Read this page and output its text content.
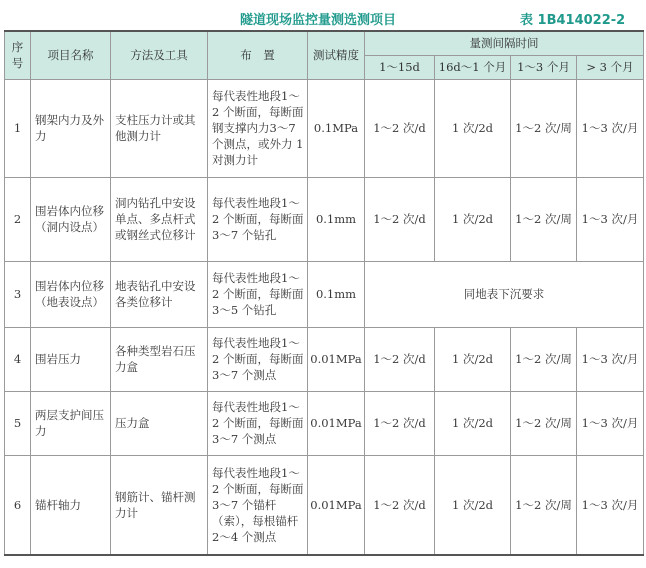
隧道现场监控量测选测项目	表 1B414022-2
序号	项目名称	方法及工具	布　置	测试精度	量测间隔时间			
					1～15d	16d～1 个月	1～3 个月	> 3 个月
1	钢架内力及外力	支柱压力计或其他测力计	每代表性地段1～2 个断面，每断面钢支撑内力3～7 个测点，或外力 1 对测力计	0.1MPa	1～2 次/d	1 次/2d	1～2 次/周	1～3 次/月
2	围岩体内位移（洞内设点）	洞内钻孔中安设单点、多点杆式或钢丝式位移计	每代表性地段1～2 个断面，每断面 3～7 个钻孔	0.1mm	1～2 次/d	1 次/2d	1～2 次/周	1～3 次/月
3	围岩体内位移（地表设点）	地表钻孔中安设各类位移计	每代表性地段1～2 个断面，每断面 3～5 个钻孔	0.1mm	同地表下沉要求			
4	围岩压力	各种类型岩石压力盒	每代表性地段1～2 个断面，每断面 3～7 个测点	0.01MPa	1～2 次/d	1 次/2d	1～2 次/周	1～3 次/月
5	两层支护间压力	压力盒	每代表性地段1～2 个断面，每断面 3～7 个测点	0.01MPa	1～2 次/d	1 次/2d	1～2 次/周	1～3 次/月
6	锚杆轴力	钢筋计、锚杆测力计	每代表性地段1～2 个断面，每断面 3～7 个锚杆（索），每根锚杆2～4 个测点	0.01MPa	1～2 次/d	1 次/2d	1～2 次/周	1～3 次/月
